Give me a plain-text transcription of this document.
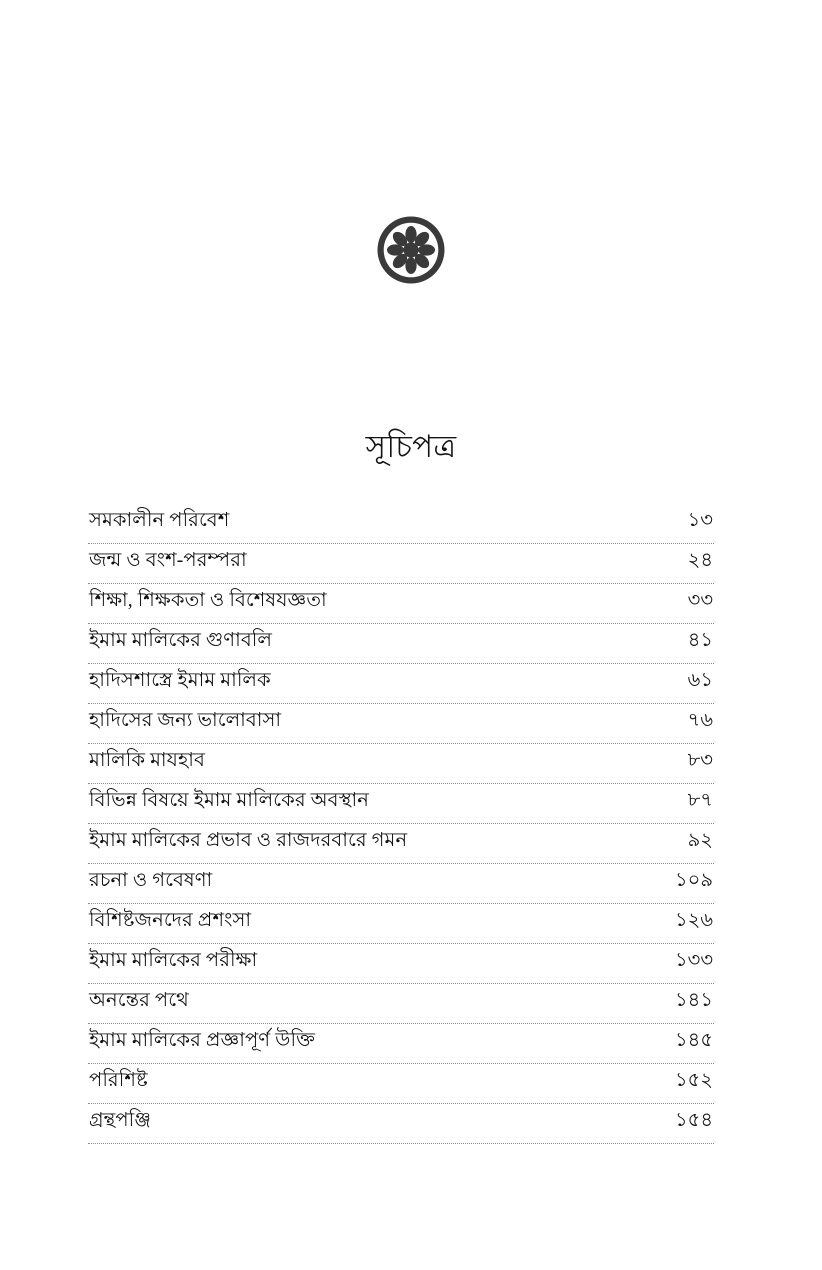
সূচিপত্র
সমকালীন পরিবেশ	১৩
জন্ম ও বংশ-পরম্পরা	২৪
শিক্ষা, শিক্ষকতা ও বিশেষযজ্ঞতা	৩৩
ইমাম মালিকের গুণাবলি	৪১
হাদিসশাস্ত্রে ইমাম মালিক	৬১
হাদিসের জন্য ভালোবাসা	৭৬
মালিকি মাযহাব	৮৩
বিভিন্ন বিষয়ে ইমাম মালিকের অবস্থান	৮৭
ইমাম মালিকের প্রভাব ও রাজদরবারে গমন	৯২
রচনা ও গবেষণা	১০৯
বিশিষ্টজনদের প্রশংসা	১২৬
ইমাম মালিকের পরীক্ষা	১৩৩
অনন্তের পথে	১৪১
ইমাম মালিকের প্রজ্ঞাপূর্ণ উক্তি	১৪৫
পরিশিষ্ট	১৫২
গ্রন্থপঞ্জি	১৫৪
